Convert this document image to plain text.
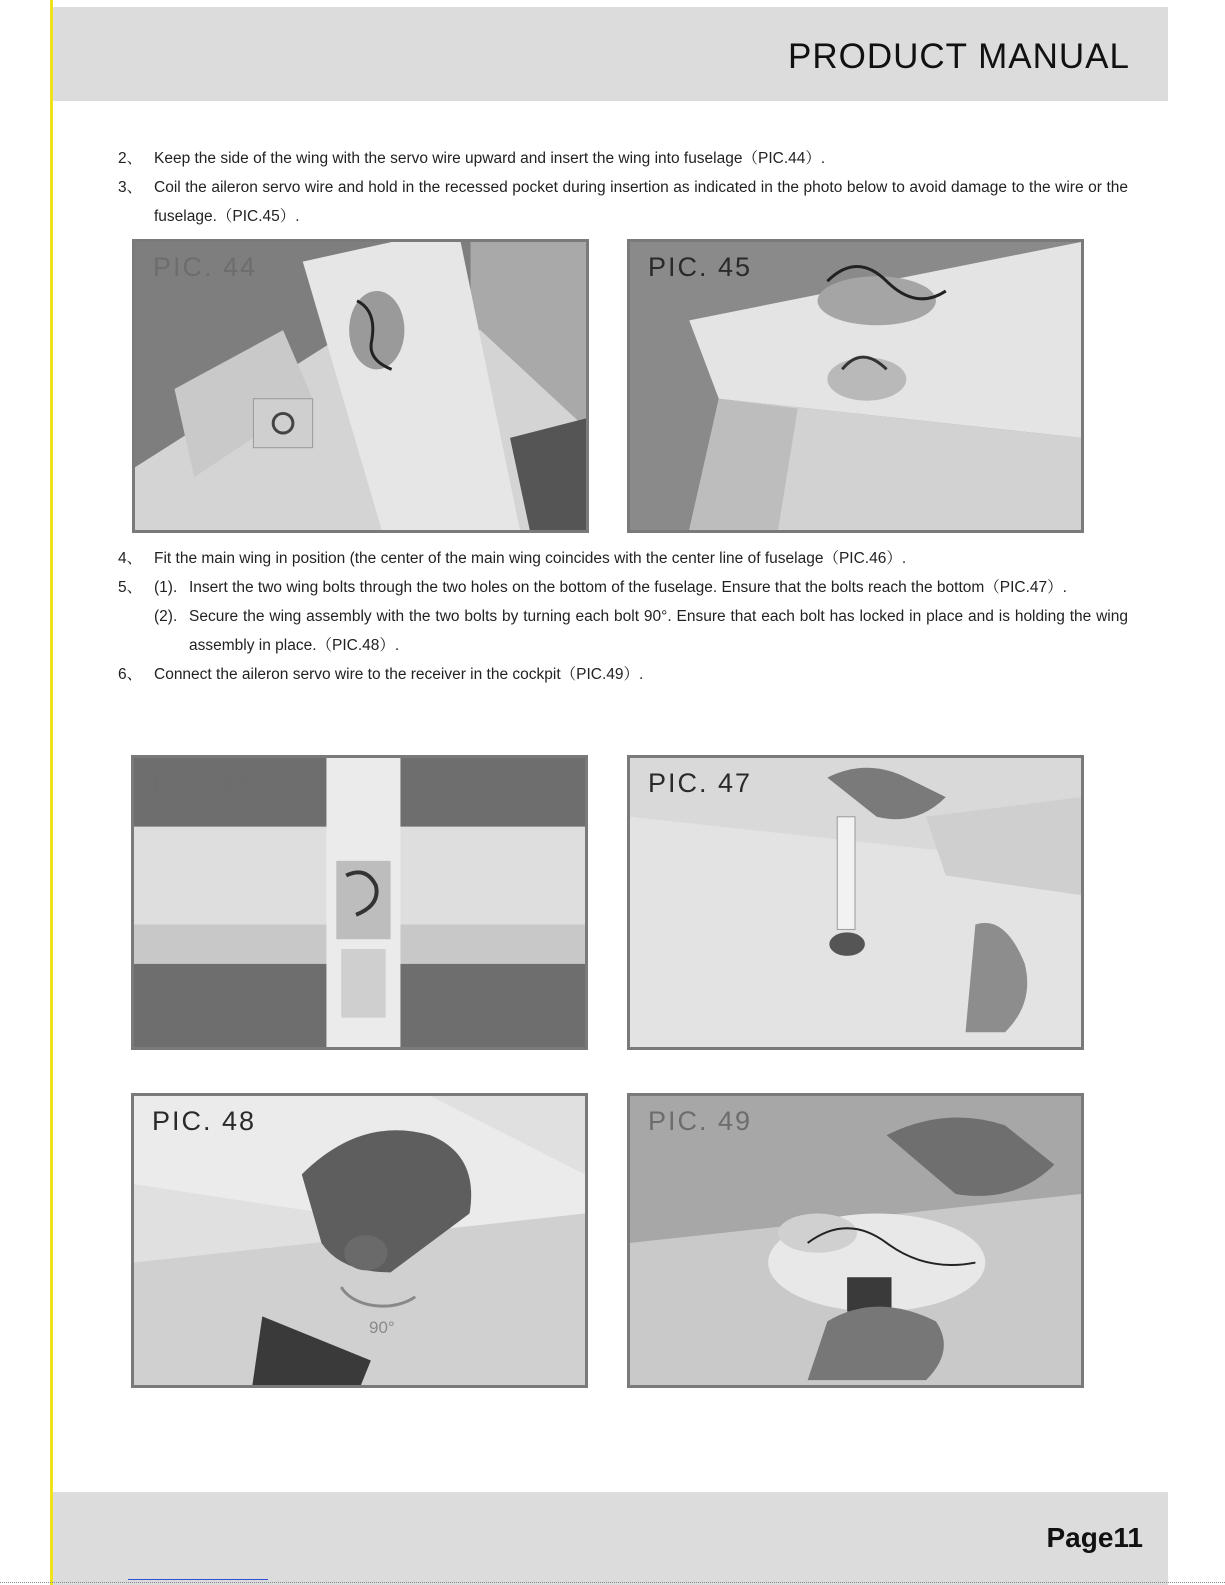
PRODUCT MANUAL
2、 Keep the side of the wing with the servo wire upward and insert the wing into fuselage（PIC.44）.
3、 Coil the aileron servo wire and hold in the recessed pocket during insertion as indicated in the photo below to avoid damage to the wire or the fuselage.（PIC.45）.
PIC. 44	PIC. 45
4、 Fit the main wing in position (the center of the main wing coincides with the center line of fuselage（PIC.46）.
5、 (1). Insert the two wing bolts through the two holes on the bottom of the fuselage. Ensure that the bolts reach the bottom（PIC.47）.
(2). Secure the wing assembly with the two bolts by turning each bolt 90°. Ensure that each bolt has locked in place and is holding the wing assembly in place.（PIC.48）.
6、 Connect the aileron servo wire to the receiver in the cockpit（PIC.49）.
PIC. 46	PIC. 47
PIC. 48
90°
PIC. 49
Page11
